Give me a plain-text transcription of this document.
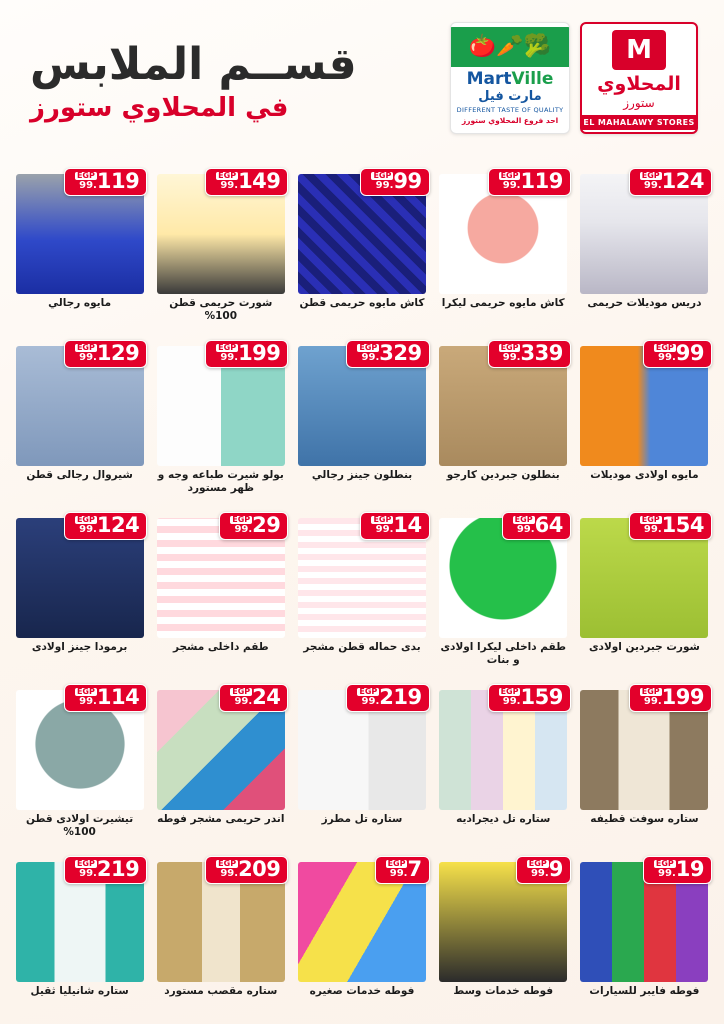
M
المحلاوي
ستورز
EL MAHALAWY STORES
🥦🥕🍅
MartVille
مارت فيل
DIFFERENT TASTE OF QUALITY
احد فروع المحلاوي ستورز
قســم الملابس
في المحلاوي ستورز
124
EGP
.99
دريس موديلات حريمى
119
EGP
.99
كاش مايوه حريمى ليكرا
99
EGP
.99
كاش مايوه حريمى قطن
149
EGP
.99
شورت حريمى قطن 100%
119
EGP
.99
مايوه رجالي
99
EGP
.99
مايوه اولادى موديلات
339
EGP
.99
بنطلون جبردين كارجو
329
EGP
.99
بنطلون جينز رجالي
199
EGP
.99
بولو شيرت طباعه وجه و ظهر مستورد
129
EGP
.99
شيروال رجالى قطن
154
EGP
.99
شورت جبردين اولادى
64
EGP
.99
طقم داخلى ليكرا اولادى و بنات
14
EGP
.99
بدى حماله قطن مشجر
29
EGP
.99
طقم داخلى مشجر
124
EGP
.99
برمودا جينز اولادى
199
EGP
.99
ستاره سوفت قطيفه
159
EGP
.99
ستاره تل ديجراديه
219
EGP
.99
ستاره تل مطرز
24
EGP
.99
اندر حريمى مشجر فوطه
114
EGP
.99
تيشيرت اولادى قطن 100%
19
EGP
.99
فوطه فايبر للسيارات
9
EGP
.99
فوطه خدمات وسط
7
EGP
.99
فوطه خدمات صغيره
209
EGP
.99
ستاره مقصب مستورد
219
EGP
.99
ستاره شانيليا ثقيل
